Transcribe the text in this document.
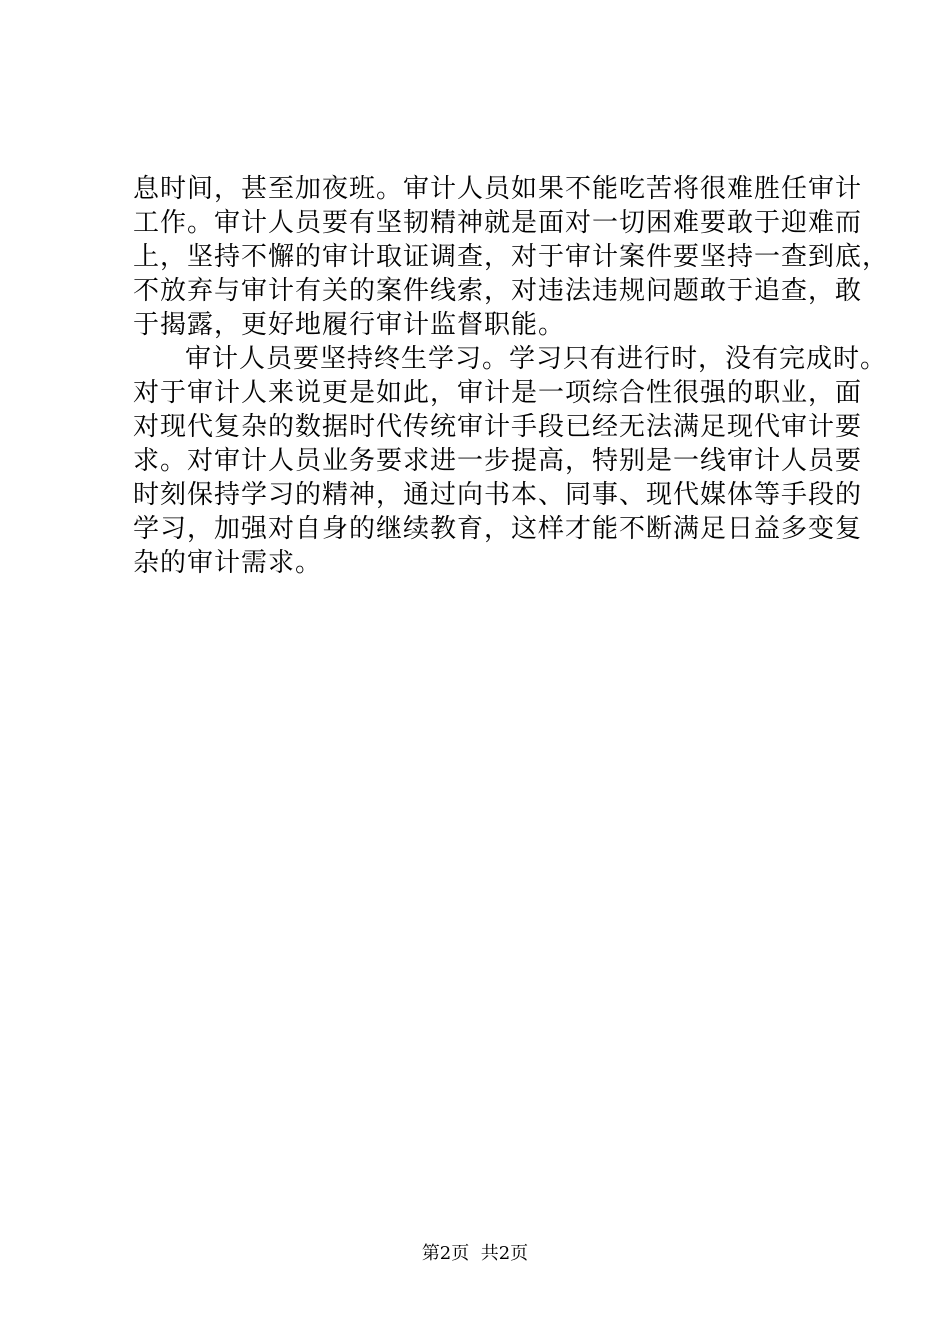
息时间，甚至加夜班。审计人员如果不能吃苦将很难胜任审计
工作。审计人员要有坚韧精神就是面对一切困难要敢于迎难而
上，坚持不懈的审计取证调查，对于审计案件要坚持一查到底，
不放弃与审计有关的案件线索，对违法违规问题敢于追查，敢
于揭露，更好地履行审计监督职能。
审计人员要坚持终生学习。学习只有进行时，没有完成时。
对于审计人来说更是如此，审计是一项综合性很强的职业，面
对现代复杂的数据时代传统审计手段已经无法满足现代审计要
求。对审计人员业务要求进一步提高，特别是一线审计人员要
时刻保持学习的精神，通过向书本、同事、现代媒体等手段的
学习，加强对自身的继续教育，这样才能不断满足日益多变复
杂的审计需求。
第2页  共2页
